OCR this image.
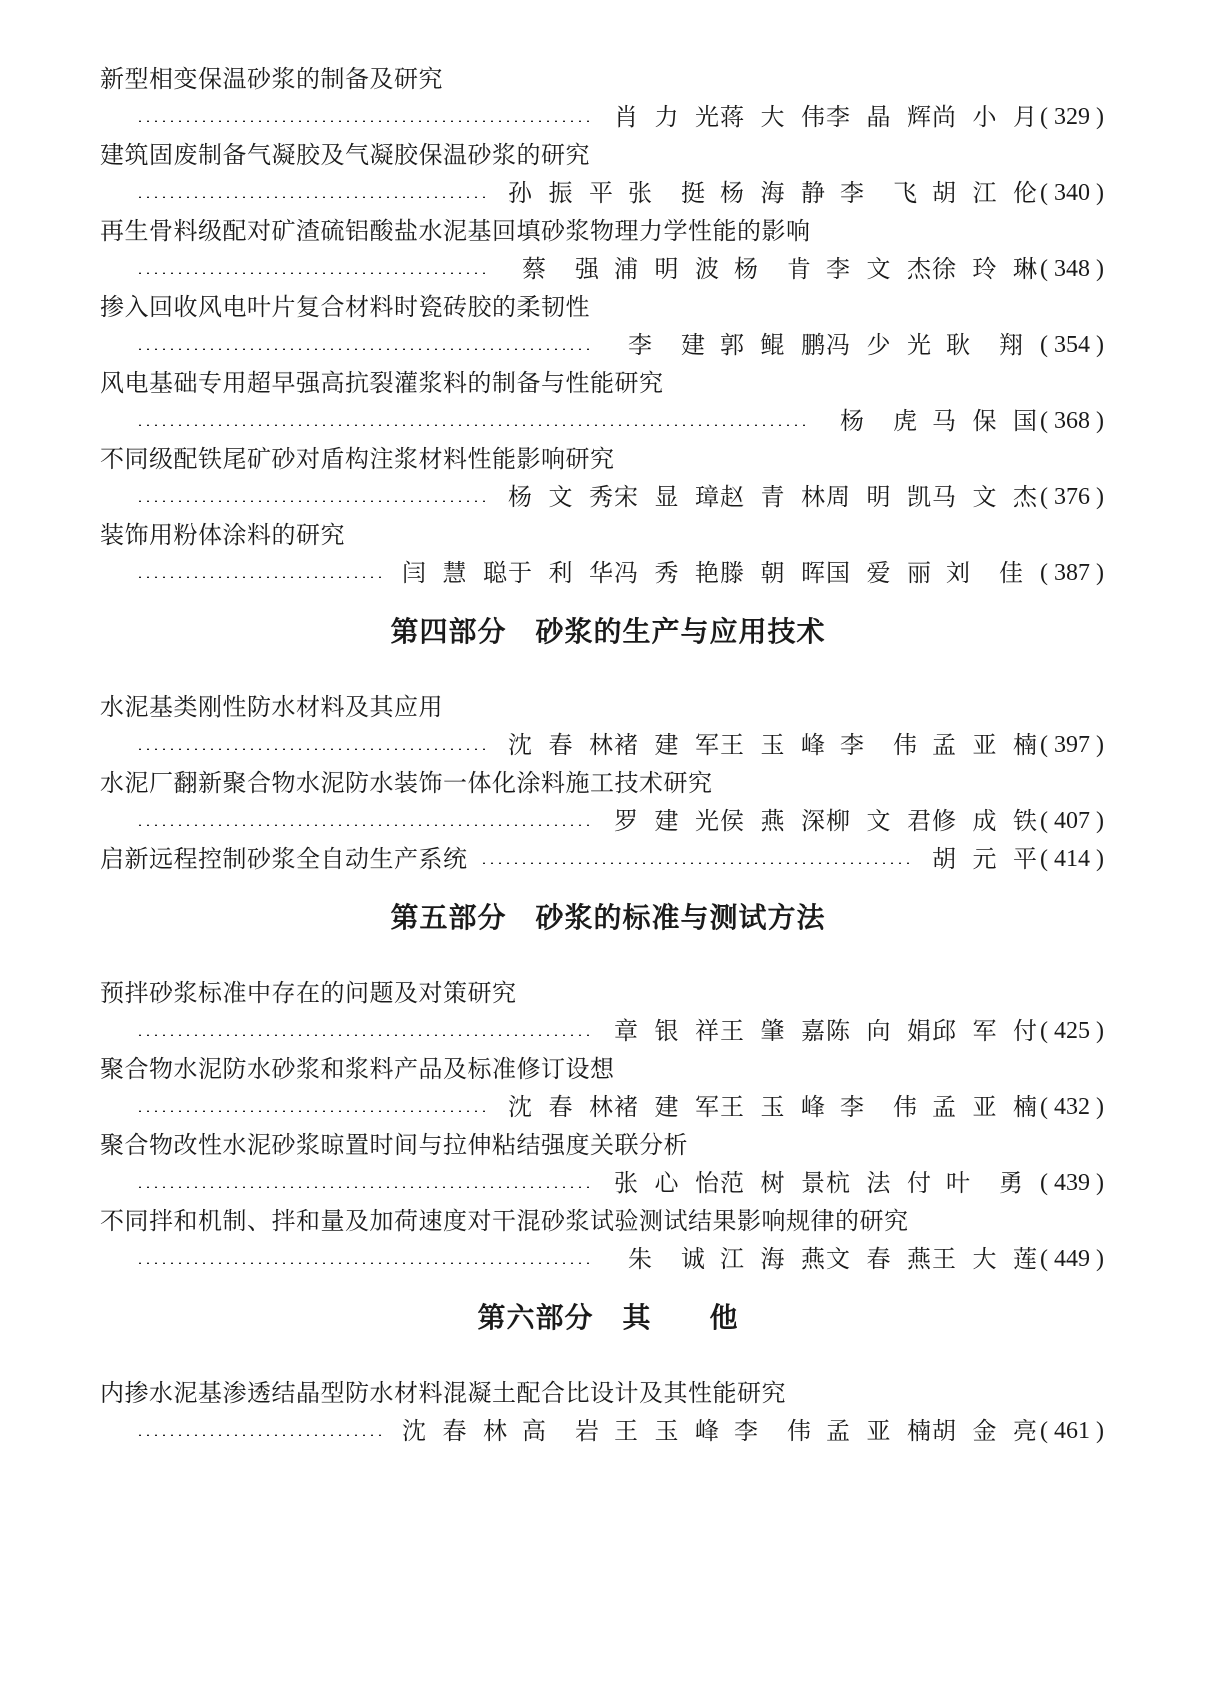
新型相变保温砂浆的制备及研究
肖力光 蒋大伟 李晶辉 尚小月 ( 329 )
建筑固废制备气凝胶及气凝胶保温砂浆的研究
孙振平 张挺 杨海静 李飞 胡江伦 ( 340 )
再生骨料级配对矿渣硫铝酸盐水泥基回填砂浆物理力学性能的影响
蔡强 浦明波 杨肯 李文杰 徐玲琳 ( 348 )
掺入回收风电叶片复合材料时瓷砖胶的柔韧性
李建 郭鲲鹏 冯少光 耿翔 ( 354 )
风电基础专用超早强高抗裂灌浆料的制备与性能研究
杨虎 马保国 ( 368 )
不同级配铁尾矿砂对盾构注浆材料性能影响研究
杨文秀 宋显璋 赵青林 周明凯 马文杰 ( 376 )
装饰用粉体涂料的研究
闫慧聪 于利华 冯秀艳 滕朝晖 国爱丽 刘佳 ( 387 )
第四部分　砂浆的生产与应用技术
水泥基类刚性防水材料及其应用
沈春林 褚建军 王玉峰 李伟 孟亚楠 ( 397 )
水泥厂翻新聚合物水泥防水装饰一体化涂料施工技术研究
罗建光 侯燕深 柳文君 修成铁 ( 407 )
启新远程控制砂浆全自动生产系统	胡元平 ( 414 )
第五部分　砂浆的标准与测试方法
预拌砂浆标准中存在的问题及对策研究
章银祥 王肇嘉 陈向娟 邱军付 ( 425 )
聚合物水泥防水砂浆和浆料产品及标准修订设想
沈春林 褚建军 王玉峰 李伟 孟亚楠 ( 432 )
聚合物改性水泥砂浆晾置时间与拉伸粘结强度关联分析
张心怡 范树景 杭法付 叶勇 ( 439 )
不同拌和机制、拌和量及加荷速度对干混砂浆试验测试结果影响规律的研究
朱诚 江海燕 文春燕 王大莲 ( 449 )
第六部分　其　　他
内掺水泥基渗透结晶型防水材料混凝土配合比设计及其性能研究
沈春林 高岩 王玉峰 李伟 孟亚楠 胡金亮 ( 461 )
